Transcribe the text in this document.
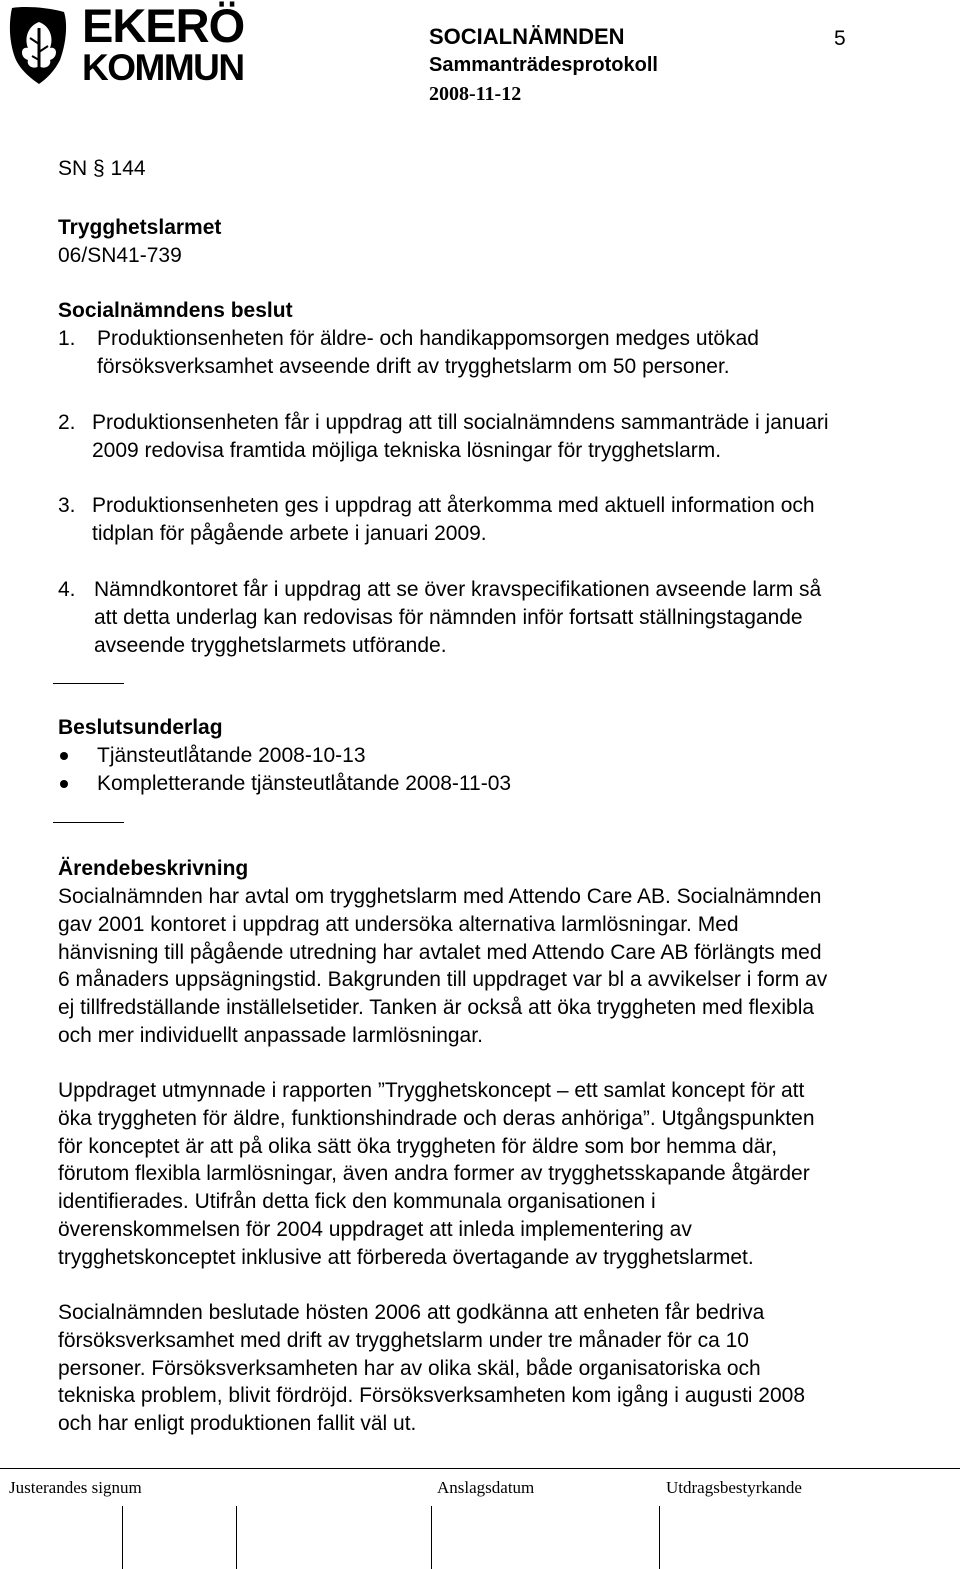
EKERÖ
KOMMUN
SOCIALNÄMNDEN	5
Sammanträdesprotokoll
2008-11-12
SN § 144
Trygghetslarmet
06/SN41-739
Socialnämndens beslut
1. Produktionsenheten för äldre- och handikappomsorgen medges utökad
försöksverksamhet avseende drift av trygghetslarm om 50 personer.
2. Produktionsenheten får i uppdrag att till socialnämndens sammanträde i januari
2009 redovisa framtida möjliga tekniska lösningar för trygghetslarm.
3. Produktionsenheten ges i uppdrag att återkomma med aktuell information och
tidplan för pågående arbete i januari 2009.
4. Nämndkontoret får i uppdrag att se över kravspecifikationen avseende larm så
att detta underlag kan redovisas för nämnden inför fortsatt ställningstagande
avseende trygghetslarmets utförande.
Beslutsunderlag
Tjänsteutlåtande 2008-10-13
Kompletterande tjänsteutlåtande 2008-11-03
Ärendebeskrivning
Socialnämnden har avtal om trygghetslarm med Attendo Care AB. Socialnämnden
gav 2001 kontoret i uppdrag att undersöka alternativa larmlösningar. Med
hänvisning till pågående utredning har avtalet med Attendo Care AB förlängts med
6 månaders uppsägningstid. Bakgrunden till uppdraget var bl a avvikelser i form av
ej tillfredställande inställelsetider. Tanken är också att öka tryggheten med flexibla
och mer individuellt anpassade larmlösningar.
Uppdraget utmynnade i rapporten ”Trygghetskoncept – ett samlat koncept för att
öka tryggheten för äldre, funktionshindrade och deras anhöriga”. Utgångspunkten
för konceptet är att på olika sätt öka tryggheten för äldre som bor hemma där,
förutom flexibla larmlösningar, även andra former av trygghetsskapande åtgärder
identifierades. Utifrån detta fick den kommunala organisationen i
överenskommelsen för 2004 uppdraget att inleda implementering av
trygghetskonceptet inklusive att förbereda övertagande av trygghetslarmet.
Socialnämnden beslutade hösten 2006 att godkänna att enheten får bedriva
försöksverksamhet med drift av trygghetslarm under tre månader för ca 10
personer. Försöksverksamheten har av olika skäl, både organisatoriska och
tekniska problem, blivit fördröjd. Försöksverksamheten kom igång i augusti 2008
och har enligt produktionen fallit väl ut.
Justerandes signum	Anslagsdatum	Utdragsbestyrkande
